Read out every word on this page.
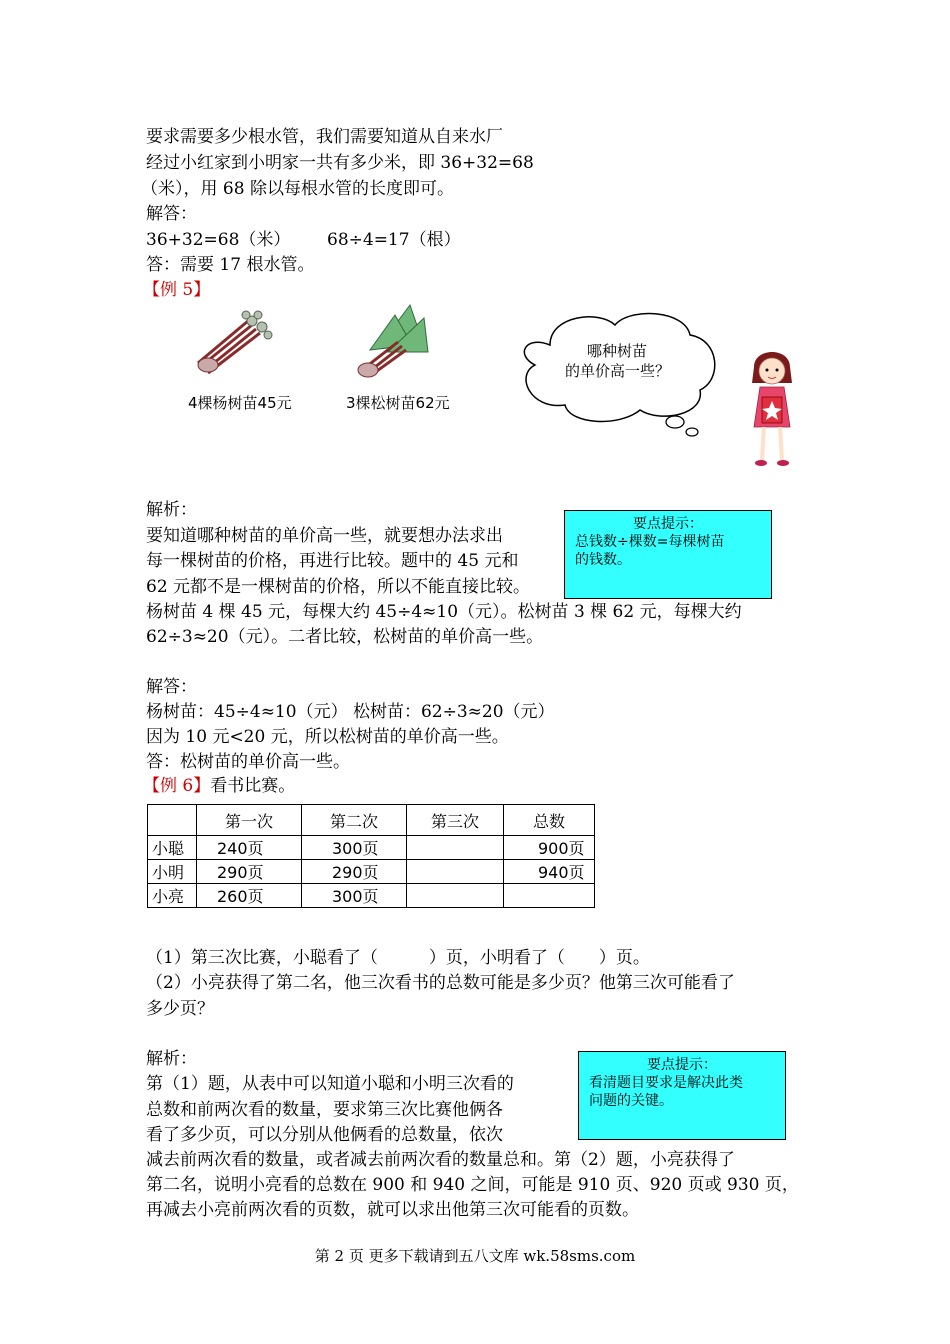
要求需要多少根水管，我们需要知道从自来水厂
经过小红家到小明家一共有多少米，即 36+32=68
（米），用 68 除以每根水管的长度即可。
解答：
36+32=68（米） 68÷4=17（根）
答：需要 17 根水管。
【例 5】
4棵杨树苗45元	3棵松树苗62元
哪种树苗
的单价高一些？
解析：
要知道哪种树苗的单价高一些，就要想办法求出
每一棵树苗的价格，再进行比较。题中的 45 元和
62 元都不是一棵树苗的价格，所以不能直接比较。
杨树苗 4 棵 45 元，每棵大约 45÷4≈10（元）。松树苗 3 棵 62 元，每棵大约
62÷3≈20（元）。二者比较，松树苗的单价高一些。
要点提示：
总钱数÷棵数=每棵树苗
的钱数。
解答：
杨树苗：45÷4≈10（元） 松树苗：62÷3≈20（元）
因为 10 元<20 元，所以松树苗的单价高一些。
答：松树苗的单价高一些。
【例 6】看书比赛。
	第一次	第二次	第三次	总数
小聪	240页	300页		900页
小明	290页	290页		940页
小亮	260页	300页		
（1）第三次比赛，小聪看了（　　　）页，小明看了（　　）页。
（2）小亮获得了第二名，他三次看书的总数可能是多少页？他第三次可能看了
多少页？
解析：
第（1）题，从表中可以知道小聪和小明三次看的
总数和前两次看的数量，要求第三次比赛他俩各
看了多少页，可以分别从他俩看的总数量，依次
减去前两次看的数量，或者减去前两次看的数量总和。第（2）题，小亮获得了
第二名，说明小亮看的总数在 900 和 940 之间，可能是 910 页、920 页或 930 页，
再减去小亮前两次看的页数，就可以求出他第三次可能看的页数。
要点提示：
看清题目要求是解决此类
问题的关键。
第 2 页 更多下载请到五八文库 wk.58sms.com
